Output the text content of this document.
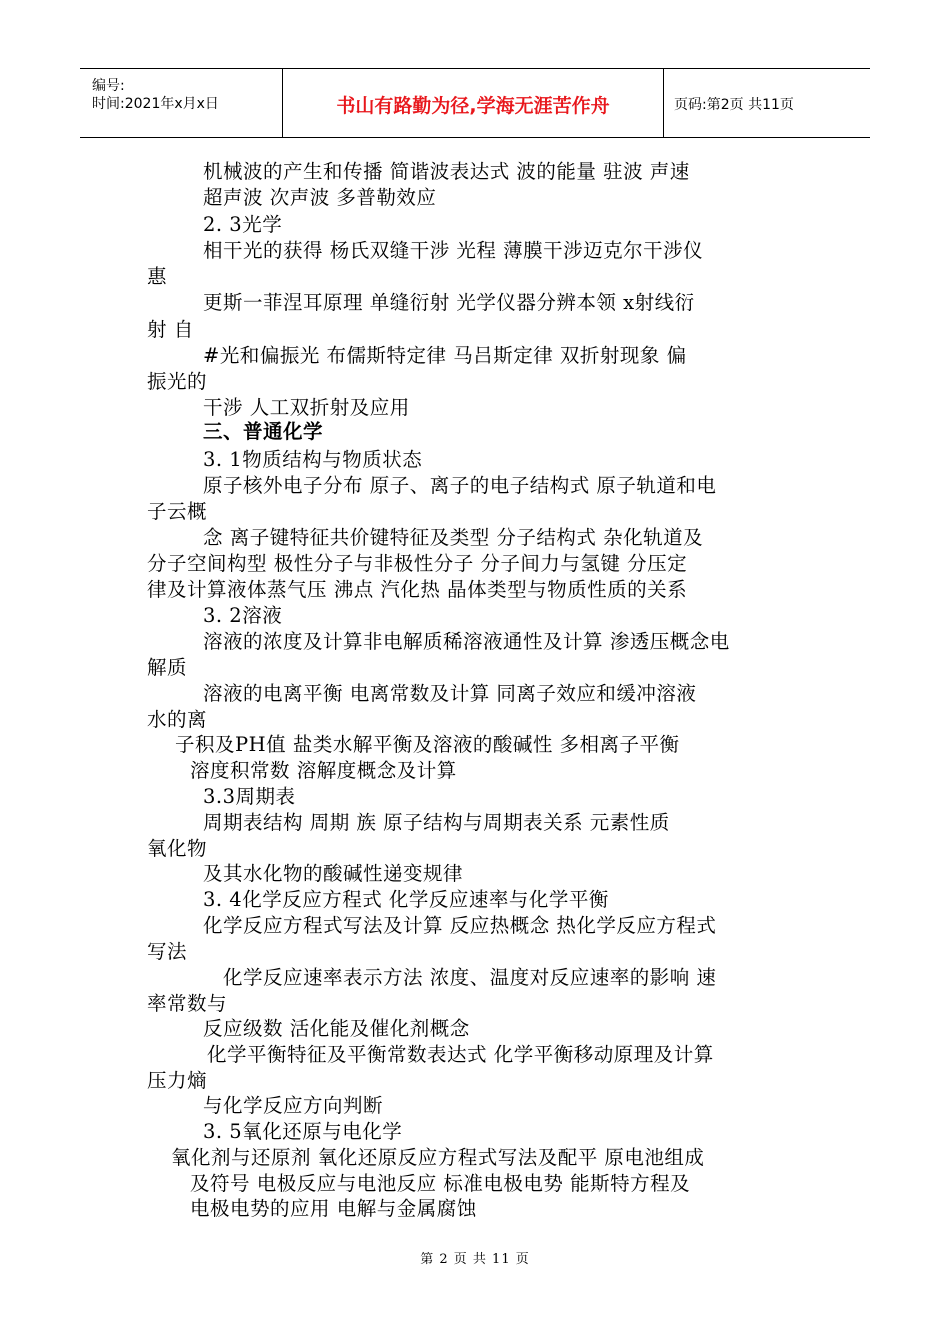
编号:
时间:2021年x月x日	书山有路勤为径,学海无涯苦作舟	页码:第2页 共11页
机械波的产生和传播 简谐波表达式 波的能量 驻波 声速
超声波 次声波 多普勒效应
2. 3光学
相干光的获得 杨氏双缝干涉 光程 薄膜干涉迈克尔干涉仪
惠
更斯一菲涅耳原理 单缝衍射 光学仪器分辨本领 x射线衍
射 自
#光和偏振光 布儒斯特定律 马吕斯定律 双折射现象 偏
振光的
干涉 人工双折射及应用
三、普通化学
3. 1物质结构与物质状态
原子核外电子分布 原子、离子的电子结构式 原子轨道和电
子云概
念 离子键特征共价键特征及类型 分子结构式 杂化轨道及
分子空间构型 极性分子与非极性分子 分子间力与氢键 分压定
律及计算液体蒸气压 沸点 汽化热 晶体类型与物质性质的关系
3. 2溶液
溶液的浓度及计算非电解质稀溶液通性及计算 渗透压概念电
解质
溶液的电离平衡 电离常数及计算 同离子效应和缓冲溶液
水的离
子积及PH值 盐类水解平衡及溶液的酸碱性 多相离子平衡
溶度积常数 溶解度概念及计算
3.3周期表
周期表结构 周期 族 原子结构与周期表关系 元素性质
氧化物
及其水化物的酸碱性递变规律
3. 4化学反应方程式 化学反应速率与化学平衡
化学反应方程式写法及计算 反应热概念 热化学反应方程式
写法
化学反应速率表示方法 浓度、温度对反应速率的影响 速
率常数与
反应级数 活化能及催化剂概念
化学平衡特征及平衡常数表达式 化学平衡移动原理及计算
压力熵
与化学反应方向判断
3. 5氧化还原与电化学
氧化剂与还原剂 氧化还原反应方程式写法及配平 原电池组成
及符号 电极反应与电池反应 标准电极电势 能斯特方程及
电极电势的应用 电解与金属腐蚀
第 2 页 共 11 页
